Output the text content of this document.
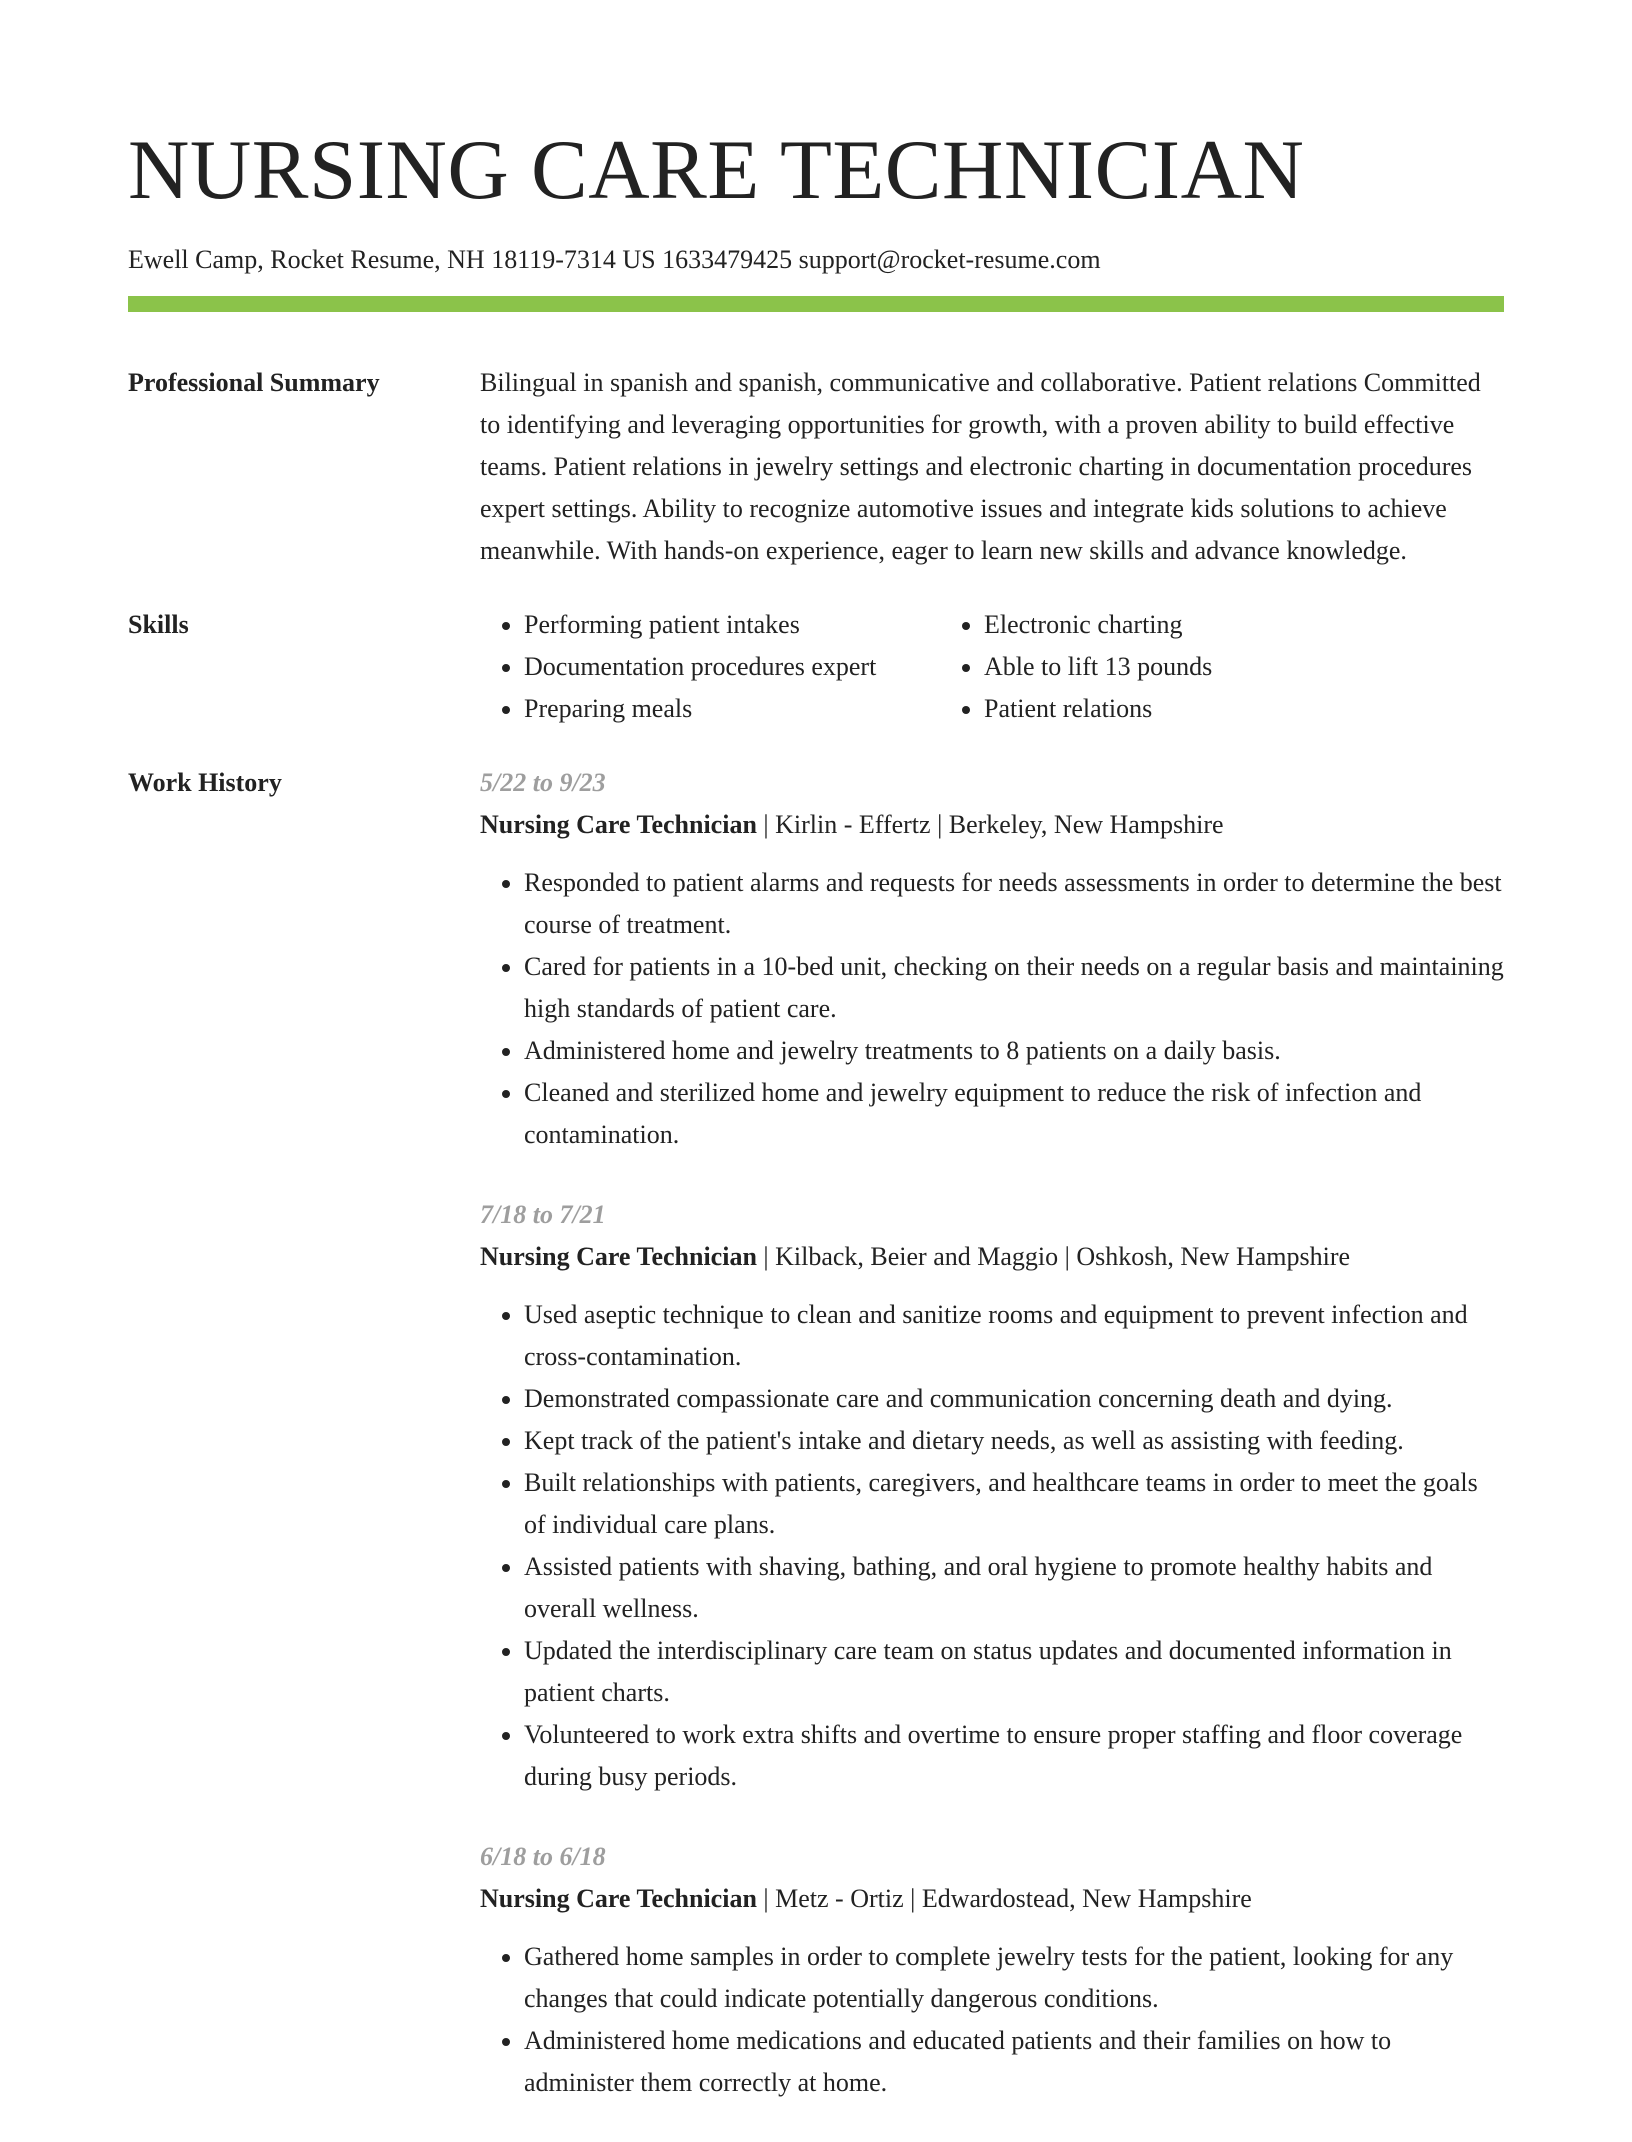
NURSING CARE TECHNICIAN
Ewell Camp, Rocket Resume, NH 18119-7314 US 1633479425 support@rocket-resume.com
Professional Summary	Bilingual in spanish and spanish, communicative and collaborative. Patient relations Committed to identifying and leveraging opportunities for growth, with a proven ability to build effective teams. Patient relations in jewelry settings and electronic charting in documentation procedures expert settings. Ability to recognize automotive issues and integrate kids solutions to achieve meanwhile. With hands-on experience, eager to learn new skills and advance knowledge.
Skills
•	Performing patient intakes
• Documentation procedures expert
• Preparing meals
• Electronic charting
• Able to lift 13 pounds
• Patient relations
Work History	5/22 to 9/23
Nursing Care Technician | Kirlin - Effertz | Berkeley, New Hampshire
• Responded to patient alarms and requests for needs assessments in order to determine the best course of treatment.
• Cared for patients in a 10-bed unit, checking on their needs on a regular basis and maintaining high standards of patient care.
• Administered home and jewelry treatments to 8 patients on a daily basis.
• Cleaned and sterilized home and jewelry equipment to reduce the risk of infection and contamination.
7/18 to 7/21
Nursing Care Technician | Kilback, Beier and Maggio | Oshkosh, New Hampshire
• Used aseptic technique to clean and sanitize rooms and equipment to prevent infection and cross-contamination.
• Demonstrated compassionate care and communication concerning death and dying.
• Kept track of the patient's intake and dietary needs, as well as assisting with feeding.
• Built relationships with patients, caregivers, and healthcare teams in order to meet the goals of individual care plans.
• Assisted patients with shaving, bathing, and oral hygiene to promote healthy habits and overall wellness.
• Updated the interdisciplinary care team on status updates and documented information in patient charts.
• Volunteered to work extra shifts and overtime to ensure proper staffing and floor coverage during busy periods.
6/18 to 6/18
Nursing Care Technician | Metz - Ortiz | Edwardostead, New Hampshire
• Gathered home samples in order to complete jewelry tests for the patient, looking for any changes that could indicate potentially dangerous conditions.
• Administered home medications and educated patients and their families on how to administer them correctly at home.
